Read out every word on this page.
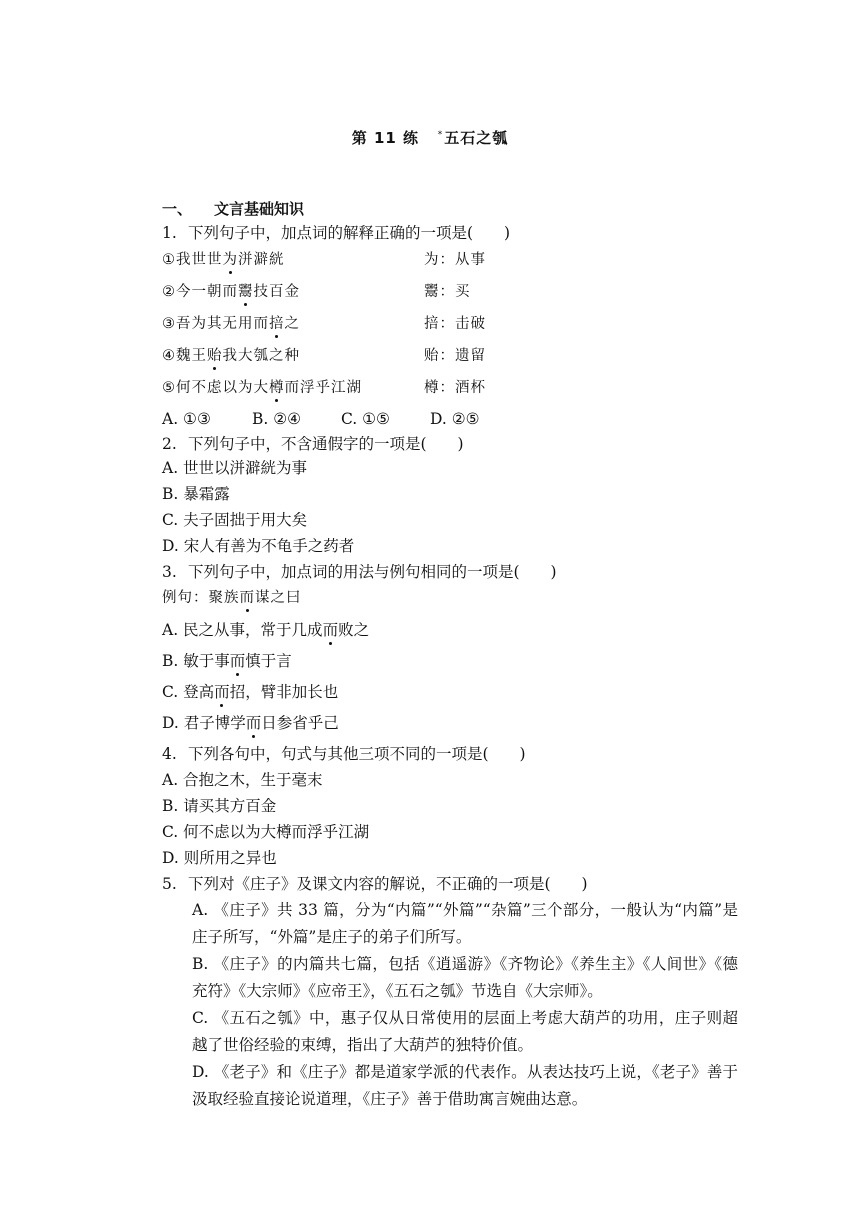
第 11 练 *五石之瓠
一、 文言基础知识
1. 下列句子中，加点词的解释正确的一项是(　　)
①我世世为洴澼絖	为：从事
②今一朝而鬻技百金	鬻：买
③吾为其无用而掊之	掊：击破
④魏王贻我大瓠之种	贻：遗留
⑤何不虑以为大樽而浮乎江湖	樽：酒杯
A. ①③	B. ②④	C. ①⑤	D. ②⑤
2. 下列句子中，不含通假字的一项是(　　)
A. 世世以洴澼絖为事
B. 暴霜露
C. 夫子固拙于用大矣
D. 宋人有善为不龟手之药者
3. 下列句子中，加点词的用法与例句相同的一项是(　　)
例句：聚族而谋之曰
A. 民之从事，常于几成而败之
B. 敏于事而慎于言
C. 登高而招，臂非加长也
D. 君子博学而日参省乎己
4. 下列各句中，句式与其他三项不同的一项是(　　)
A. 合抱之木，生于毫末
B. 请买其方百金
C. 何不虑以为大樽而浮乎江湖
D. 则所用之异也
5. 下列对《庄子》及课文内容的解说，不正确的一项是(　　)

A. 《庄子》共 33 篇，分为“内篇”“外篇”“杂篇”三个部分，一般认为“内篇”是庄子所写，“外篇”是庄子的弟子们所写。

B. 《庄子》的内篇共七篇，包括《逍遥游》《齐物论》《养生主》《人间世》《德充符》《大宗师》《应帝王》，《五石之瓠》节选自《大宗师》。

C. 《五石之瓠》中，惠子仅从日常使用的层面上考虑大葫芦的功用，庄子则超越了世俗经验的束缚，指出了大葫芦的独特价值。

D. 《老子》和《庄子》都是道家学派的代表作。从表达技巧上说，《老子》善于汲取经验直接论说道理，《庄子》善于借助寓言婉曲达意。
